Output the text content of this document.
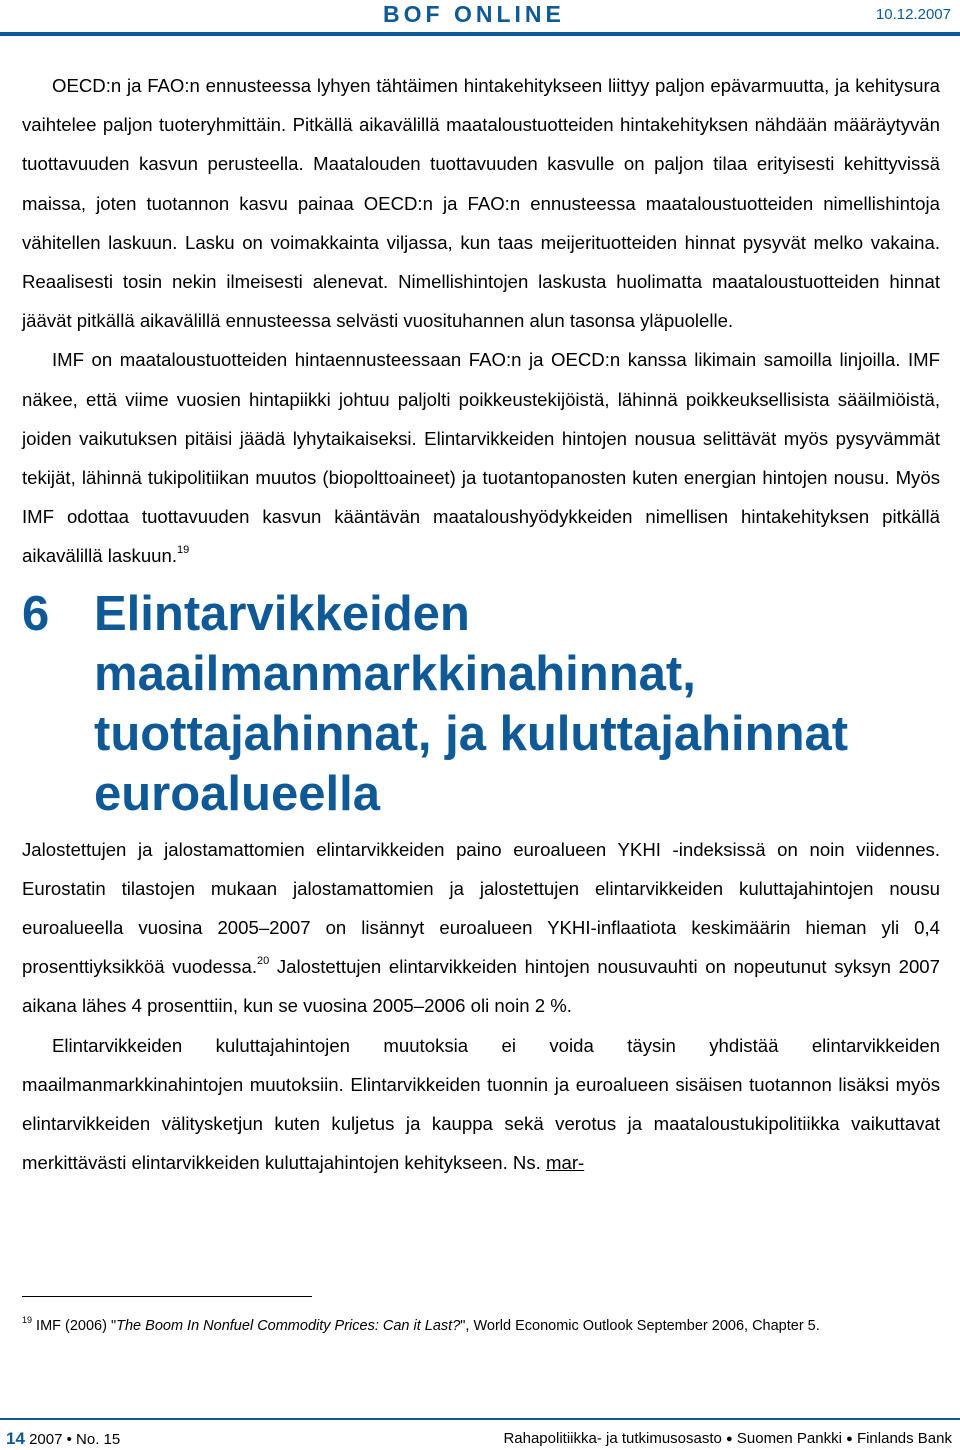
BOF ONLINE	10.12.2007

OECD:n ja FAO:n ennusteessa lyhyen tähtäimen hintakehitykseen liittyy paljon epävarmuutta, ja kehitysura vaihtelee paljon tuoteryhmittäin. Pitkällä aikavälillä maataloustuotteiden hintakehityksen nähdään määräytyvän tuottavuuden kasvun perusteella. Maatalouden tuottavuuden kasvulle on paljon tilaa erityisesti kehittyvissä maissa, joten tuotannon kasvu painaa OECD:n ja FAO:n ennusteessa maataloustuotteiden nimellishintoja vähitellen laskuun. Lasku on voimakkainta viljassa, kun taas meijerituotteiden hinnat pysyvät melko vakaina. Reaalisesti tosin nekin ilmeisesti alenevat. Nimellishintojen laskusta huolimatta maataloustuotteiden hinnat jäävät pitkällä aikavälillä ennusteessa selvästi vuosituhannen alun tasonsa yläpuolelle.

IMF on maataloustuotteiden hintaennusteessaan FAO:n ja OECD:n kanssa likimain samoilla linjoilla. IMF näkee, että viime vuosien hintapiikki johtuu paljolti poikkeustekijöistä, lähinnä poikkeuksellisista sääilmiöistä, joiden vaikutuksen pitäisi jäädä lyhytaikaiseksi. Elintarvikkeiden hintojen nousua selittävät myös pysyvämmät tekijät, lähinnä tukipolitiikan muutos (biopolttoaineet) ja tuotantopanosten kuten energian hintojen nousu. Myös IMF odottaa tuottavuuden kasvun kääntävän maataloushyödykkeiden nimellisen hintakehityksen pitkällä aikavälillä laskuun.$^{19}$

6 Elintarvikkeiden maailmanmarkkinahinnat, tuottajahinnat, ja kuluttajahinnat euroalueella

Jalostettujen ja jalostamattomien elintarvikkeiden paino euroalueen YKHI -indeksissä on noin viidennes. Eurostatin tilastojen mukaan jalostamattomien ja jalostettujen elintarvikkeiden kuluttajahintojen nousu euroalueella vuosina 2005–2007 on lisännyt euroalueen YKHI-inflaatiota keskimäärin hieman yli 0,4 prosenttiyksikköä vuodessa.$^{20}$ Jalostettujen elintarvikkeiden hintojen nousuvauhti on nopeutunut syksyn 2007 aikana lähes 4 prosenttiin, kun se vuosina 2005–2006 oli noin 2 %.

Elintarvikkeiden kuluttajahintojen muutoksia ei voida täysin yhdistää elintarvikkeiden maailmanmarkkinahintojen muutoksiin. Elintarvikkeiden tuonnin ja euroalueen sisäisen tuotannon lisäksi myös elintarvikkeiden välitysketjun kuten kuljetus ja kauppa sekä verotus ja maataloustukipolitiikka vaikuttavat merkittävästi elintarvikkeiden kuluttajahintojen kehitykseen. Ns. mar-

$^{19}$ IMF (2006) "The Boom In Nonfuel Commodity Prices: Can it Last?", World Economic Outlook September 2006, Chapter 5.
14 2007 • No. 15	Rahapolitiikka- ja tutkimusosasto ● Suomen Pankki ● Finlands Bank
